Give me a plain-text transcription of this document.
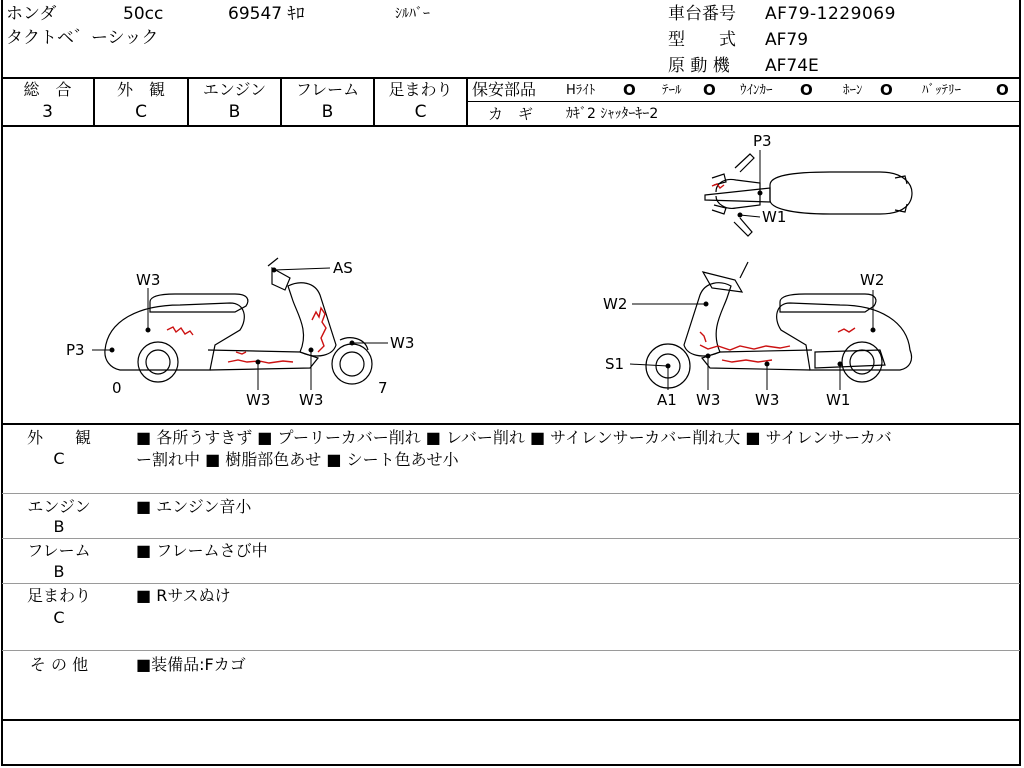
ホンダ	50cc	69547 ｷﾛ	ｼﾙﾊﾞｰ
タクトベ゛ーシック
車台番号 AF79-1229069
型　　式 AF79
原 動 機 AF74E
総　合
3
外　観
C
エンジン
B
フレーム
B
足まわり
C
保安部品 Hﾗｲﾄ O ﾃｰﾙ O ｳｲﾝｶｰ O ﾎｰﾝ O ﾊﾞｯﾃﾘｰ O
カ　ギ ｶｷﾞ2 ｼｬｯﾀｰｷｰ2
P3
W1
W3
AS
P3	W3
0
W3 W3
7
W2
W2
S1
A1 W3 W3	W1
外　　観
C
■ 各所うすきず ■ プーリーカバー削れ ■ レバー削れ ■ サイレンサーカバー削れ大 ■ サイレンサーカバ
ー割れ中 ■ 樹脂部色あせ ■ シート色あせ小
エンジン
B
■ エンジン音小
フレーム
B
■ フレームさび中
足まわり
C
■ Rサスぬけ
そ の 他	■装備品:Fカゴ
